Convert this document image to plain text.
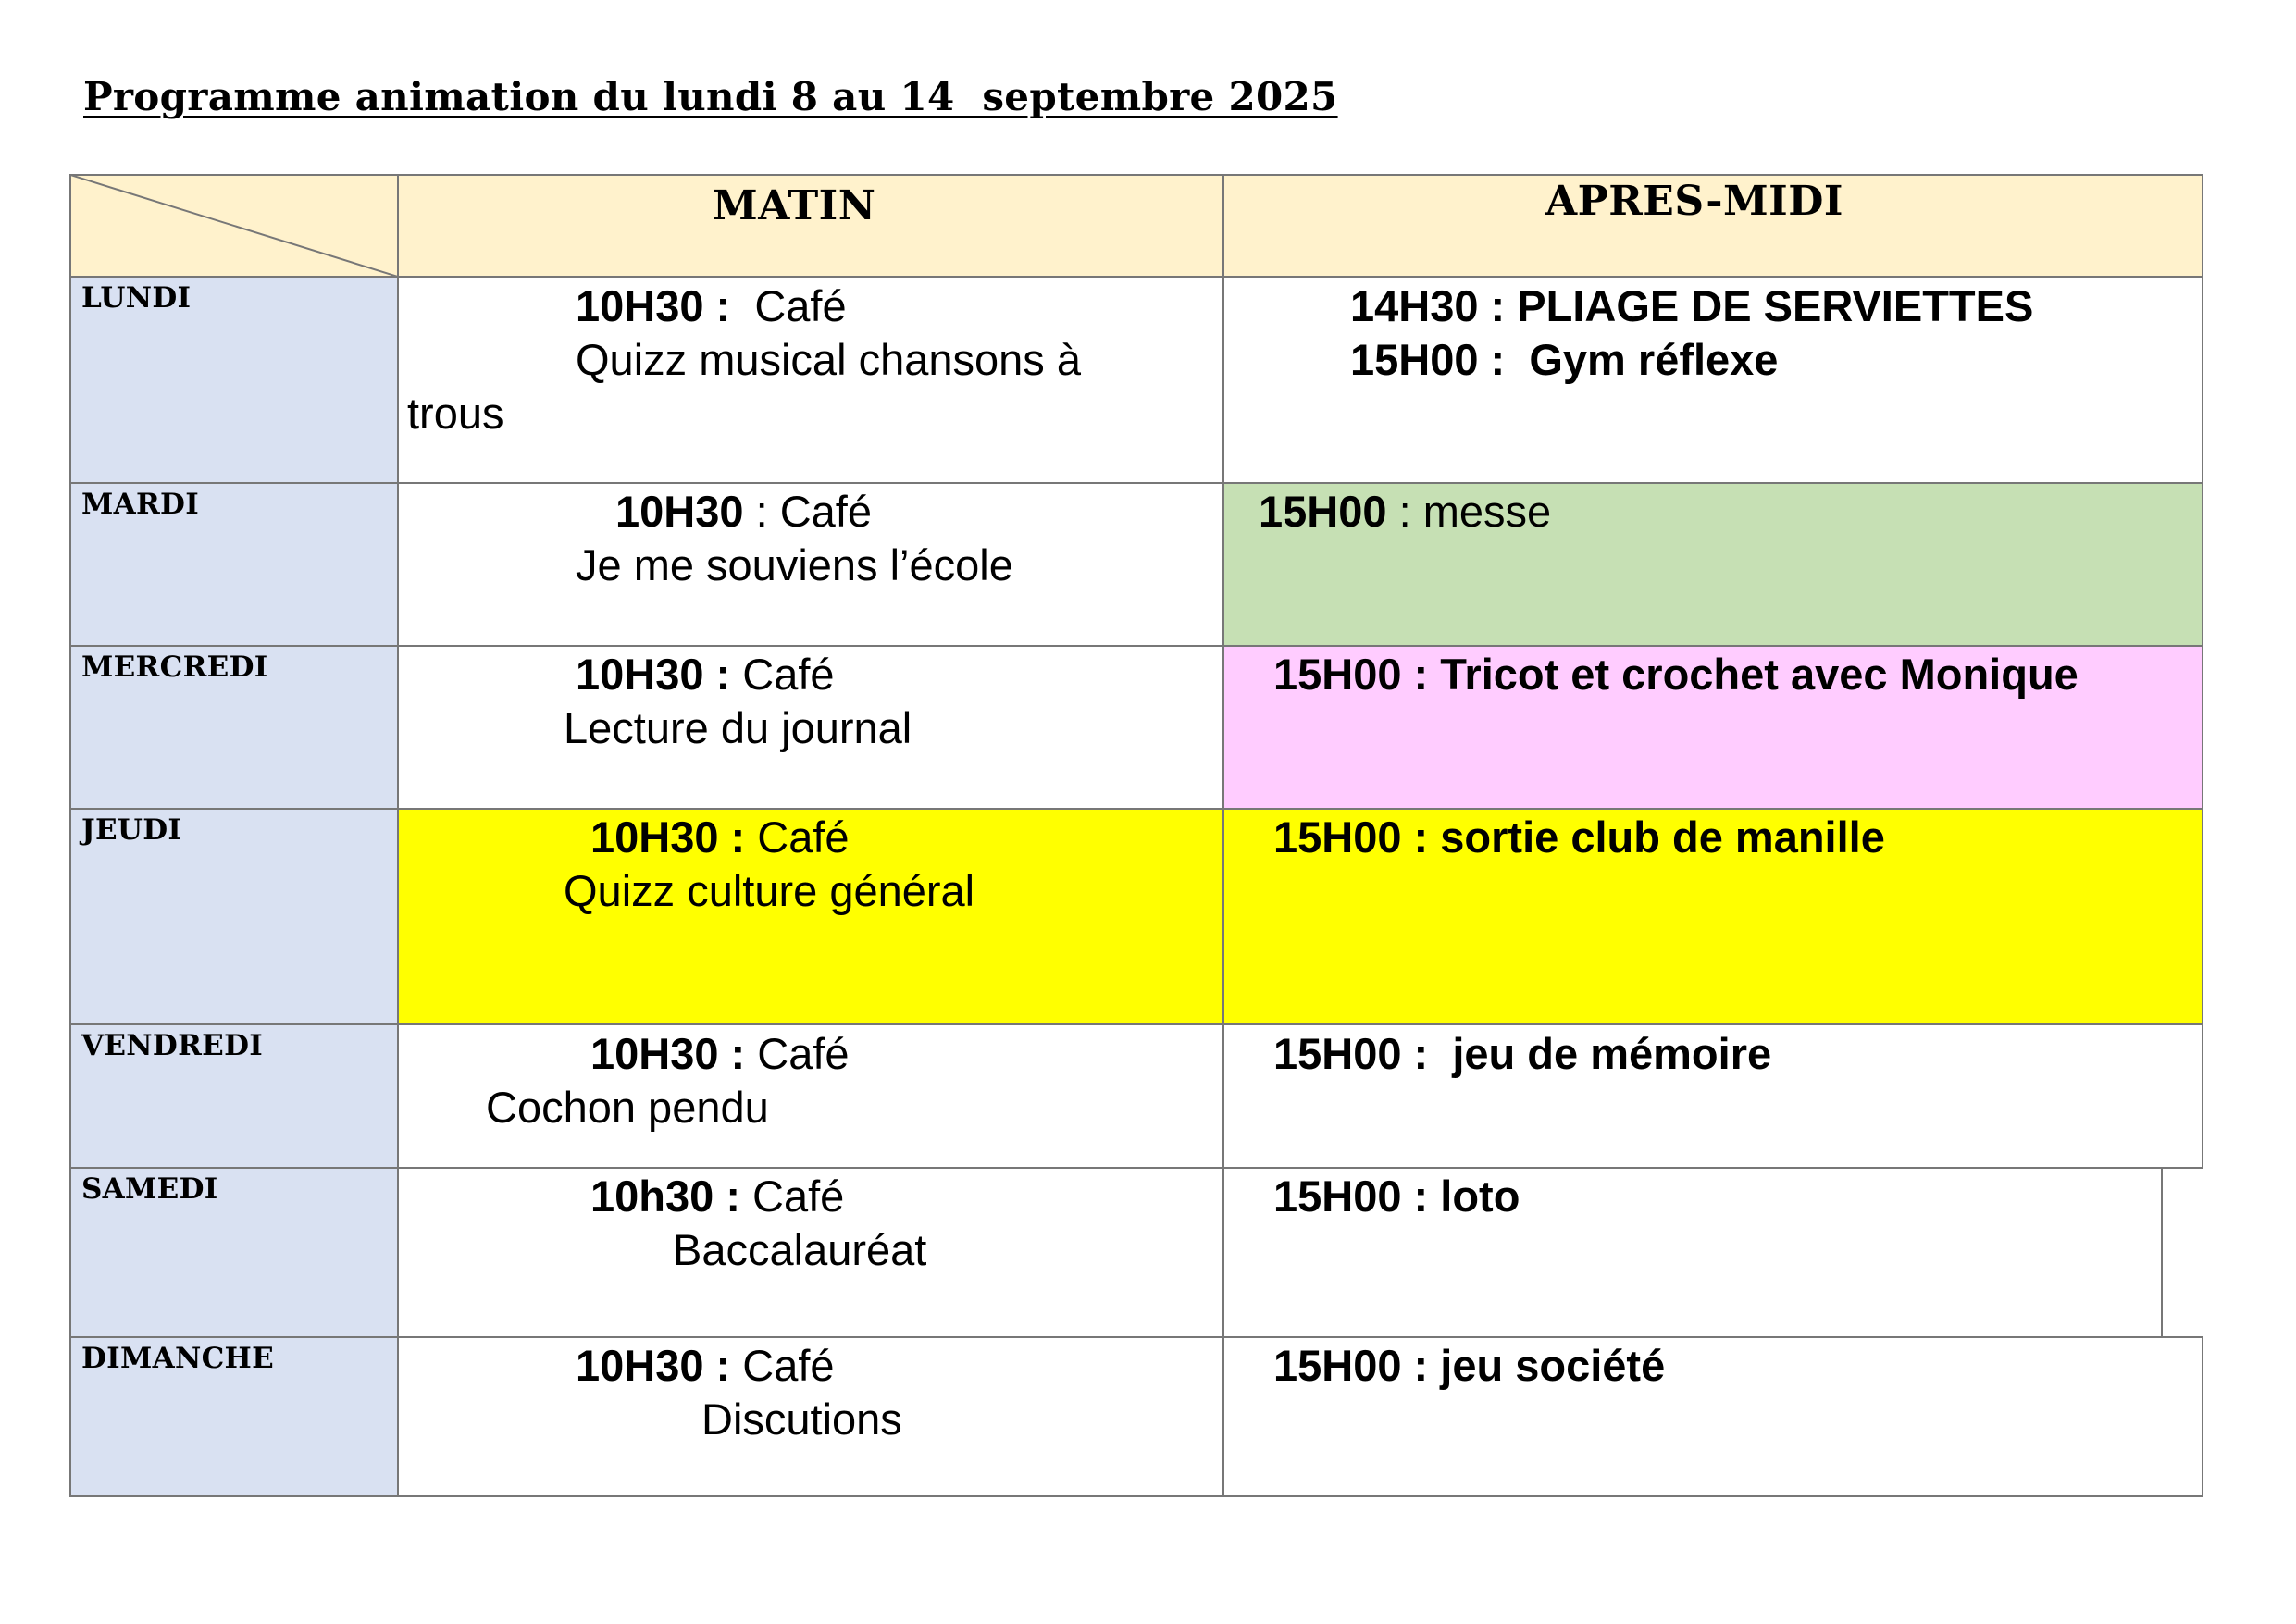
Programme animation du lundi 8 au 14  septembre 2025
MATIN	APRES-MIDI
LUNDI
MARDI
MERCREDI
JEUDI
VENDREDI
SAMEDI
DIMANCHE
10H30 : Café
Quizz musical chansons à
trous
14H30 : PLIAGE DE SERVIETTES
15H00 : Gym réflexe
10H30 : Café
Je me souviens l’école
15H00 : messe
10H30 : Café
Lecture du journal
15H00 : Tricot et crochet avec Monique
10H30 : Café
Quizz culture général
15H00 : sortie club de manille
10H30 : Café
Cochon pendu
15H00 : jeu de mémoire
10h30 : Café
Baccalauréat
15H00 : loto
10H30 : Café
Discutions
15H00 : jeu société
